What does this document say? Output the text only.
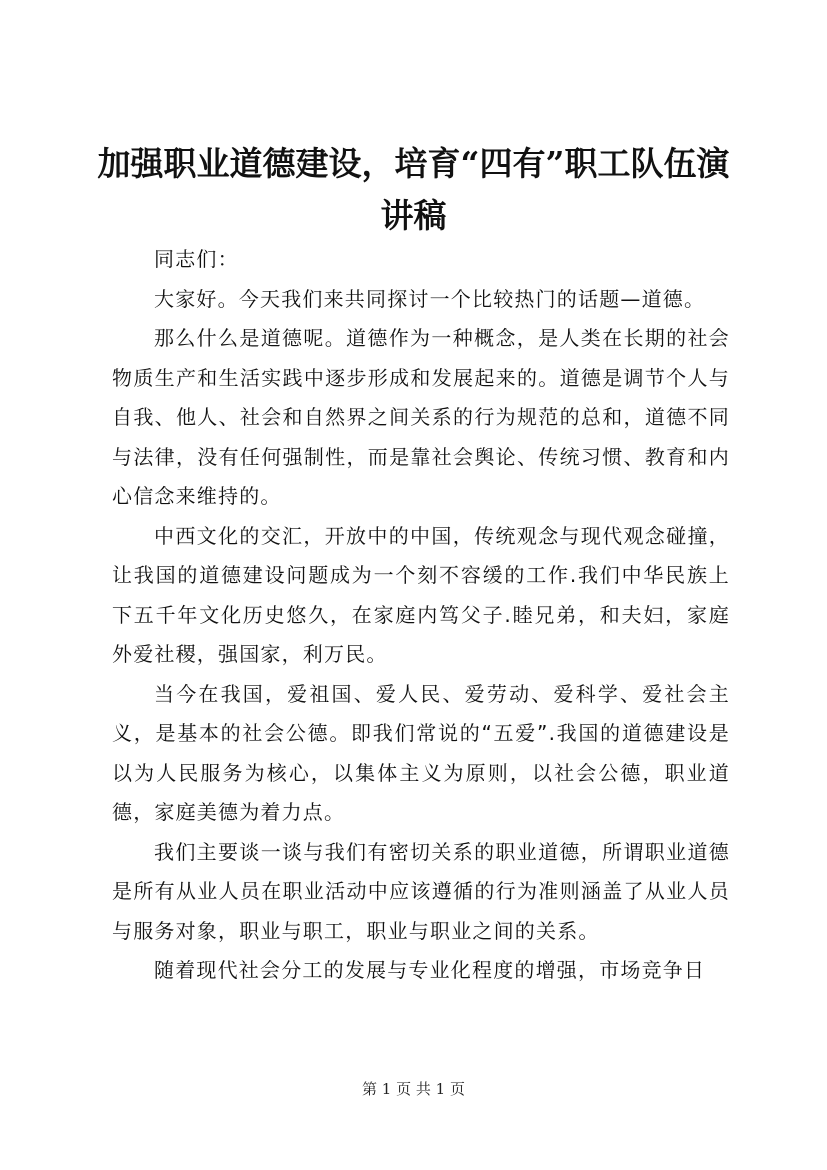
加强职业道德建设，培育“四有”职工队伍演
讲稿

同志们：

大家好。今天我们来共同探讨一个比较热门的话题—道德。

那么什么是道德呢。道德作为一种概念，是人类在长期的社会物质生产和生活实践中逐步形成和发展起来的。道德是调节个人与自我、他人、社会和自然界之间关系的行为规范的总和，道德不同与法律，没有任何强制性，而是靠社会舆论、传统习惯、教育和内心信念来维持的。

中西文化的交汇，开放中的中国，传统观念与现代观念碰撞，让我国的道德建设问题成为一个刻不容缓的工作.我们中华民族上下五千年文化历史悠久，在家庭内笃父子.睦兄弟，和夫妇，家庭外爱社稷，强国家，利万民。

当今在我国，爱祖国、爱人民、爱劳动、爱科学、爱社会主义，是基本的社会公德。即我们常说的“五爱”.我国的道德建设是以为人民服务为核心，以集体主义为原则，以社会公德，职业道德，家庭美德为着力点。

我们主要谈一谈与我们有密切关系的职业道德，所谓职业道德是所有从业人员在职业活动中应该遵循的行为准则涵盖了从业人员与服务对象，职业与职工，职业与职业之间的关系。

随着现代社会分工的发展与专业化程度的增强，市场竞争日

第 1 页 共 1 页
